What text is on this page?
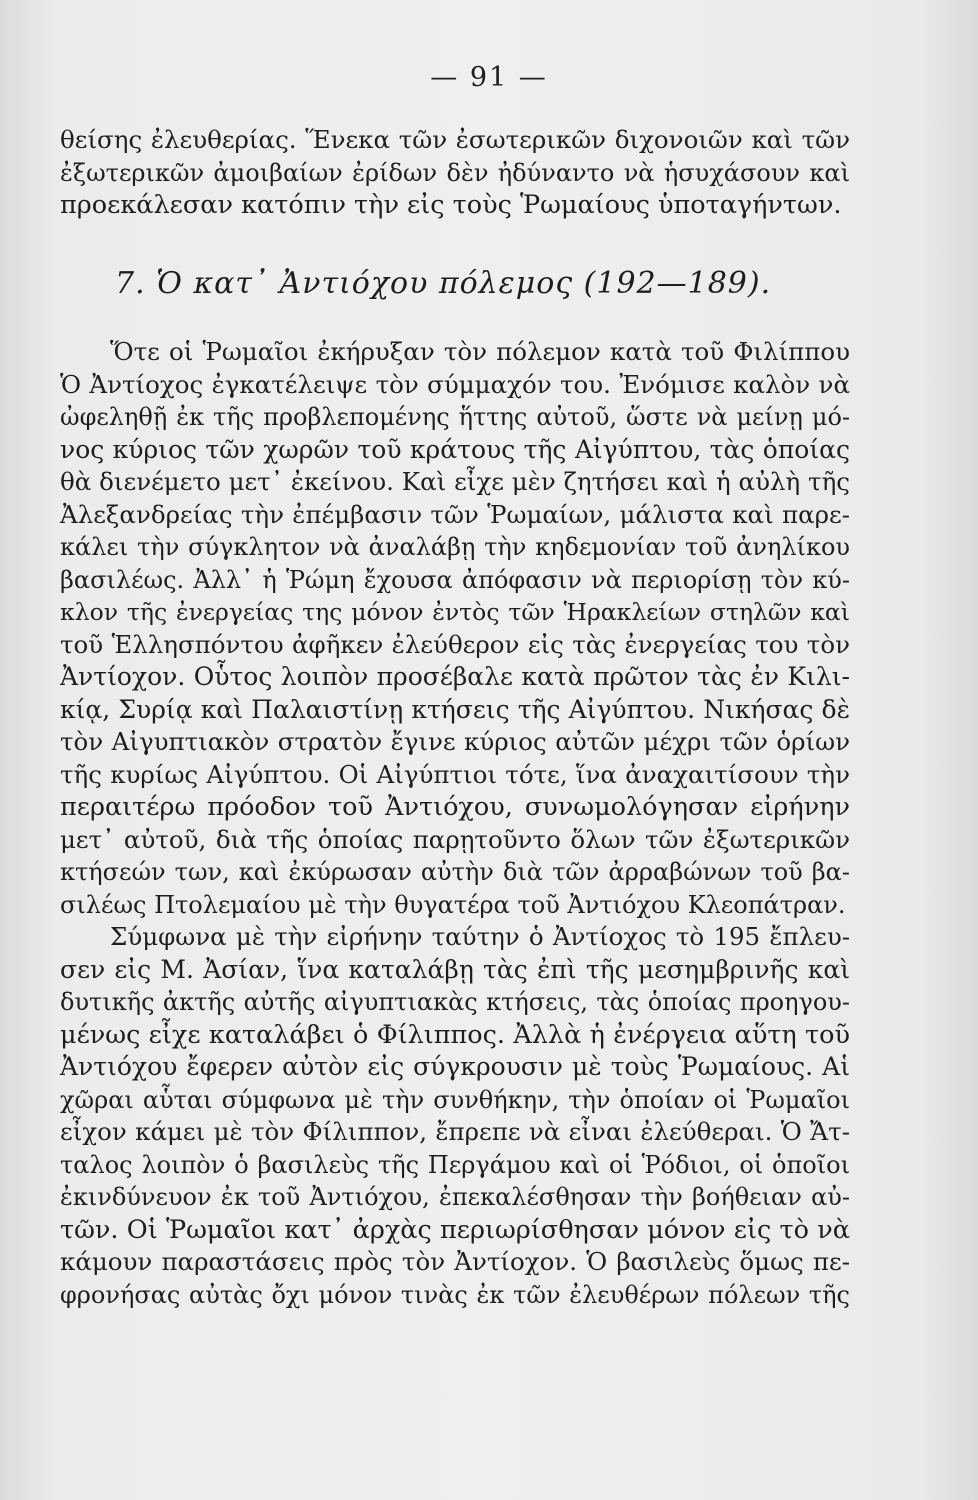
— 91 —
θείσης ἐλευθερίας. Ἕνεκα τῶν ἐσωτερικῶν διχονοιῶν καὶ τῶν
ἐξωτερικῶν ἀμοιβαίων ἐρίδων δὲν ἠδύναντο νὰ ἡσυχάσουν καὶ
προεκάλεσαν κατόπιν τὴν εἰς τοὺς Ῥωμαίους ὑποταγήντων.
7. Ὁ κατ᾽ Ἀντιόχου πόλεμος (192—189).
Ὅτε οἱ Ῥωμαῖοι ἐκήρυξαν τὸν πόλεμον κατὰ τοῦ Φιλίππου
Ὁ Ἀντίοχος ἐγκατέλειψε τὸν σύμμαχόν του. Ἐνόμισε καλὸν νὰ
ὠφεληθῇ ἐκ τῆς προβλεπομένης ἥττης αὐτοῦ, ὥστε νὰ μείνῃ μό-
νος κύριος τῶν χωρῶν τοῦ κράτους τῆς Αἰγύπτου, τὰς ὁποίας
θὰ διενέμετο μετ᾽ ἐκείνου. Καὶ εἶχε μὲν ζητήσει καὶ ἡ αὐλὴ τῆς
Ἀλεξανδρείας τὴν ἐπέμβασιν τῶν Ῥωμαίων, μάλιστα καὶ παρε-
κάλει τὴν σύγκλητον νὰ ἀναλάβῃ τὴν κηδεμονίαν τοῦ ἀνηλίκου
βασιλέως. Ἀλλ᾽ ἡ Ῥώμη ἔχουσα ἀπόφασιν νὰ περιορίσῃ τὸν κύ-
κλον τῆς ἐνεργείας της μόνον ἐντὸς τῶν Ἡρακλείων στηλῶν καὶ
τοῦ Ἑλλησπόντου ἀφῆκεν ἐλεύθερον εἰς τὰς ἐνεργείας του τὸν
Ἀντίοχον. Οὗτος λοιπὸν προσέβαλε κατὰ πρῶτον τὰς ἐν Κιλι-
κίᾳ, Συρίᾳ καὶ Παλαιστίνῃ κτήσεις τῆς Αἰγύπτου. Νικήσας δὲ
τὸν Αἰγυπτιακὸν στρατὸν ἔγινε κύριος αὐτῶν μέχρι τῶν ὁρίων
τῆς κυρίως Αἰγύπτου. Οἱ Αἰγύπτιοι τότε, ἵνα ἀναχαιτίσουν τὴν
περαιτέρω πρόοδον τοῦ Ἀντιόχου, συνωμολόγησαν εἰρήνην
μετ᾽ αὐτοῦ, διὰ τῆς ὁποίας παρῃτοῦντο ὅλων τῶν ἐξωτερικῶν
κτήσεών των, καὶ ἐκύρωσαν αὐτὴν διὰ τῶν ἀρραβώνων τοῦ βα-
σιλέως Πτολεμαίου μὲ τὴν θυγατέρα τοῦ Ἀντιόχου Κλεοπάτραν.
Σύμφωνα μὲ τὴν εἰρήνην ταύτην ὁ Ἀντίοχος τὸ 195 ἔπλευ-
σεν εἰς Μ. Ἀσίαν, ἵνα καταλάβῃ τὰς ἐπὶ τῆς μεσημβρινῆς καὶ
δυτικῆς ἀκτῆς αὐτῆς αἰγυπτιακὰς κτήσεις, τὰς ὁποίας προηγου-
μένως εἶχε καταλάβει ὁ Φίλιππος. Ἀλλὰ ἡ ἐνέργεια αὕτη τοῦ
Ἀντιόχου ἔφερεν αὐτὸν εἰς σύγκρουσιν μὲ τοὺς Ῥωμαίους. Αἱ
χῶραι αὗται σύμφωνα μὲ τὴν συνθήκην, τὴν ὁποίαν οἱ Ῥωμαῖοι
εἶχον κάμει μὲ τὸν Φίλιππον, ἔπρεπε νὰ εἶναι ἐλεύθεραι. Ὁ Ἄτ-
ταλος λοιπὸν ὁ βασιλεὺς τῆς Περγάμου καὶ οἱ Ῥόδιοι, οἱ ὁποῖοι
ἐκινδύνευον ἐκ τοῦ Ἀντιόχου, ἐπεκαλέσθησαν τὴν βοήθειαν αὐ-
τῶν. Οἱ Ῥωμαῖοι κατ᾽ ἀρχὰς περιωρίσθησαν μόνον εἰς τὸ νὰ
κάμουν παραστάσεις πρὸς τὸν Ἀντίοχον. Ὁ βασιλεὺς ὅμως πε-
φρονήσας αὐτὰς ὄχι μόνον τινὰς ἐκ τῶν ἐλευθέρων πόλεων τῆς
